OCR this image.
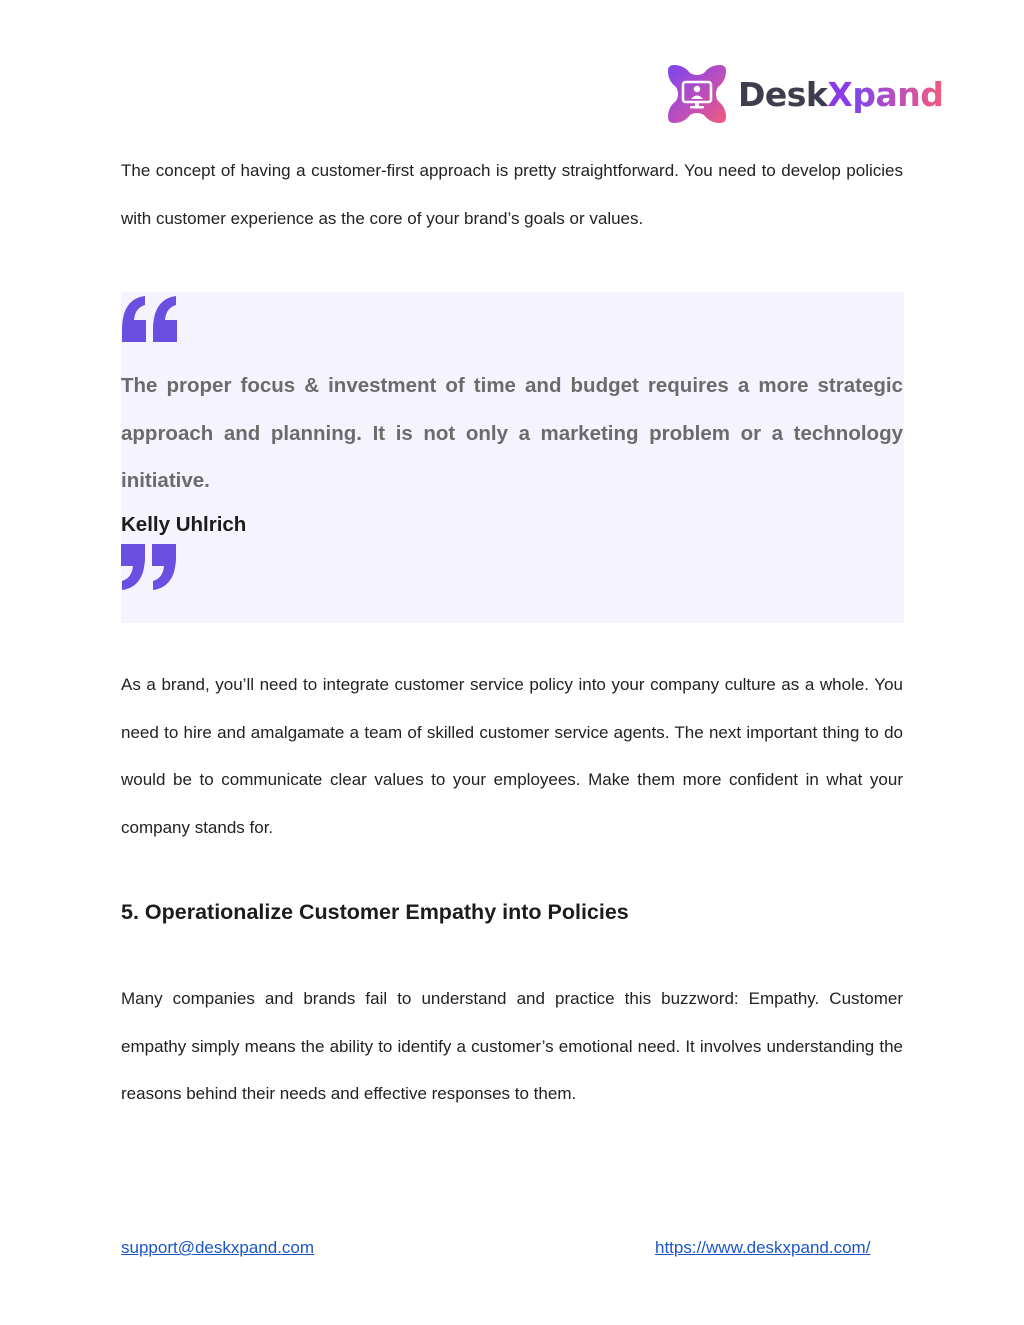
DeskXpand

The concept of having a customer-first approach is pretty straightforward. You need to develop policies with customer experience as the core of your brand’s goals or values.

The proper focus & investment of time and budget requires a more strategic approach and planning. It is not only a marketing problem or a technology initiative.

Kelly Uhlrich

As a brand, you’ll need to integrate customer service policy into your company culture as a whole. You need to hire and amalgamate a team of skilled customer service agents. The next important thing to do would be to communicate clear values to your employees. Make them more confident in what your company stands for.

5. Operationalize Customer Empathy into Policies

Many companies and brands fail to understand and practice this buzzword: Empathy. Customer empathy simply means the ability to identify a customer’s emotional need. It involves understanding the reasons behind their needs and effective responses to them.

support@deskxpand.com	https://www.deskxpand.com/
